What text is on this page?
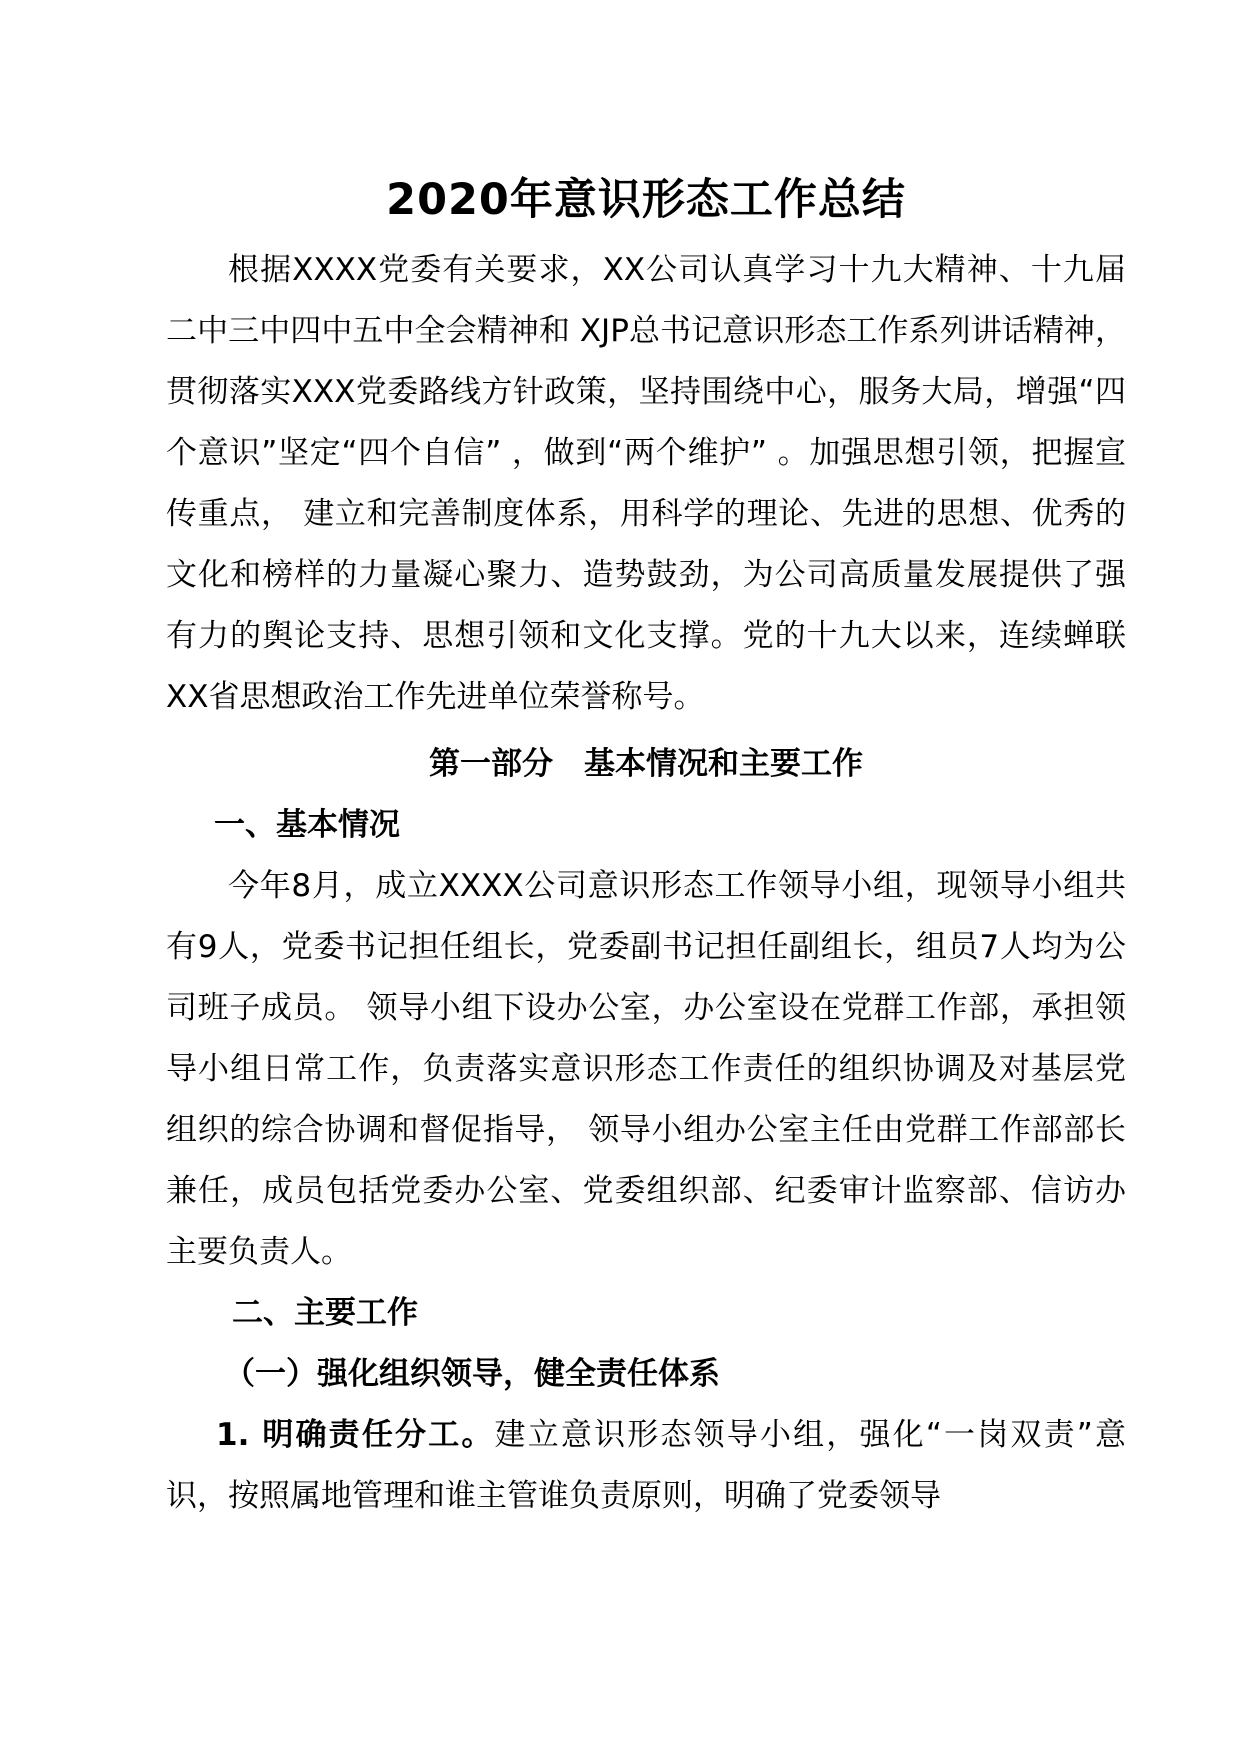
2020年意识形态工作总结

根据XXXX党委有关要求，XX公司认真学习十九大精神、十九届二中三中四中五中全会精神和 XJP总书记意识形态工作系列讲话精神，贯彻落实XXX党委路线方针政策，坚持围绕中心，服务大局，增强“四个意识”坚定“四个自信” ，做到“两个维护” 。加强思想引领，把握宣传重点， 建立和完善制度体系，用科学的理论、先进的思想、优秀的文化和榜样的力量凝心聚力、造势鼓劲，为公司高质量发展提供了强有力的舆论支持、思想引领和文化支撑。党的十九大以来，连续蝉联 XX省思想政治工作先进单位荣誉称号。

第一部分　基本情况和主要工作
一、基本情况

今年8月，成立XXXX公司意识形态工作领导小组，现领导小组共有9人，党委书记担任组长，党委副书记担任副组长，组员7人均为公司班子成员。 领导小组下设办公室，办公室设在党群工作部，承担领导小组日常工作，负责落实意识形态工作责任的组织协调及对基层党组织的综合协调和督促指导， 领导小组办公室主任由党群工作部部长兼任，成员包括党委办公室、党委组织部、纪委审计监察部、信访办主要负责人。

二、主要工作
（一）强化组织领导，健全责任体系

1. 明确责任分工。建立意识形态领导小组，强化“一岗双责”意识，按照属地管理和谁主管谁负责原则，明确了党委领导
